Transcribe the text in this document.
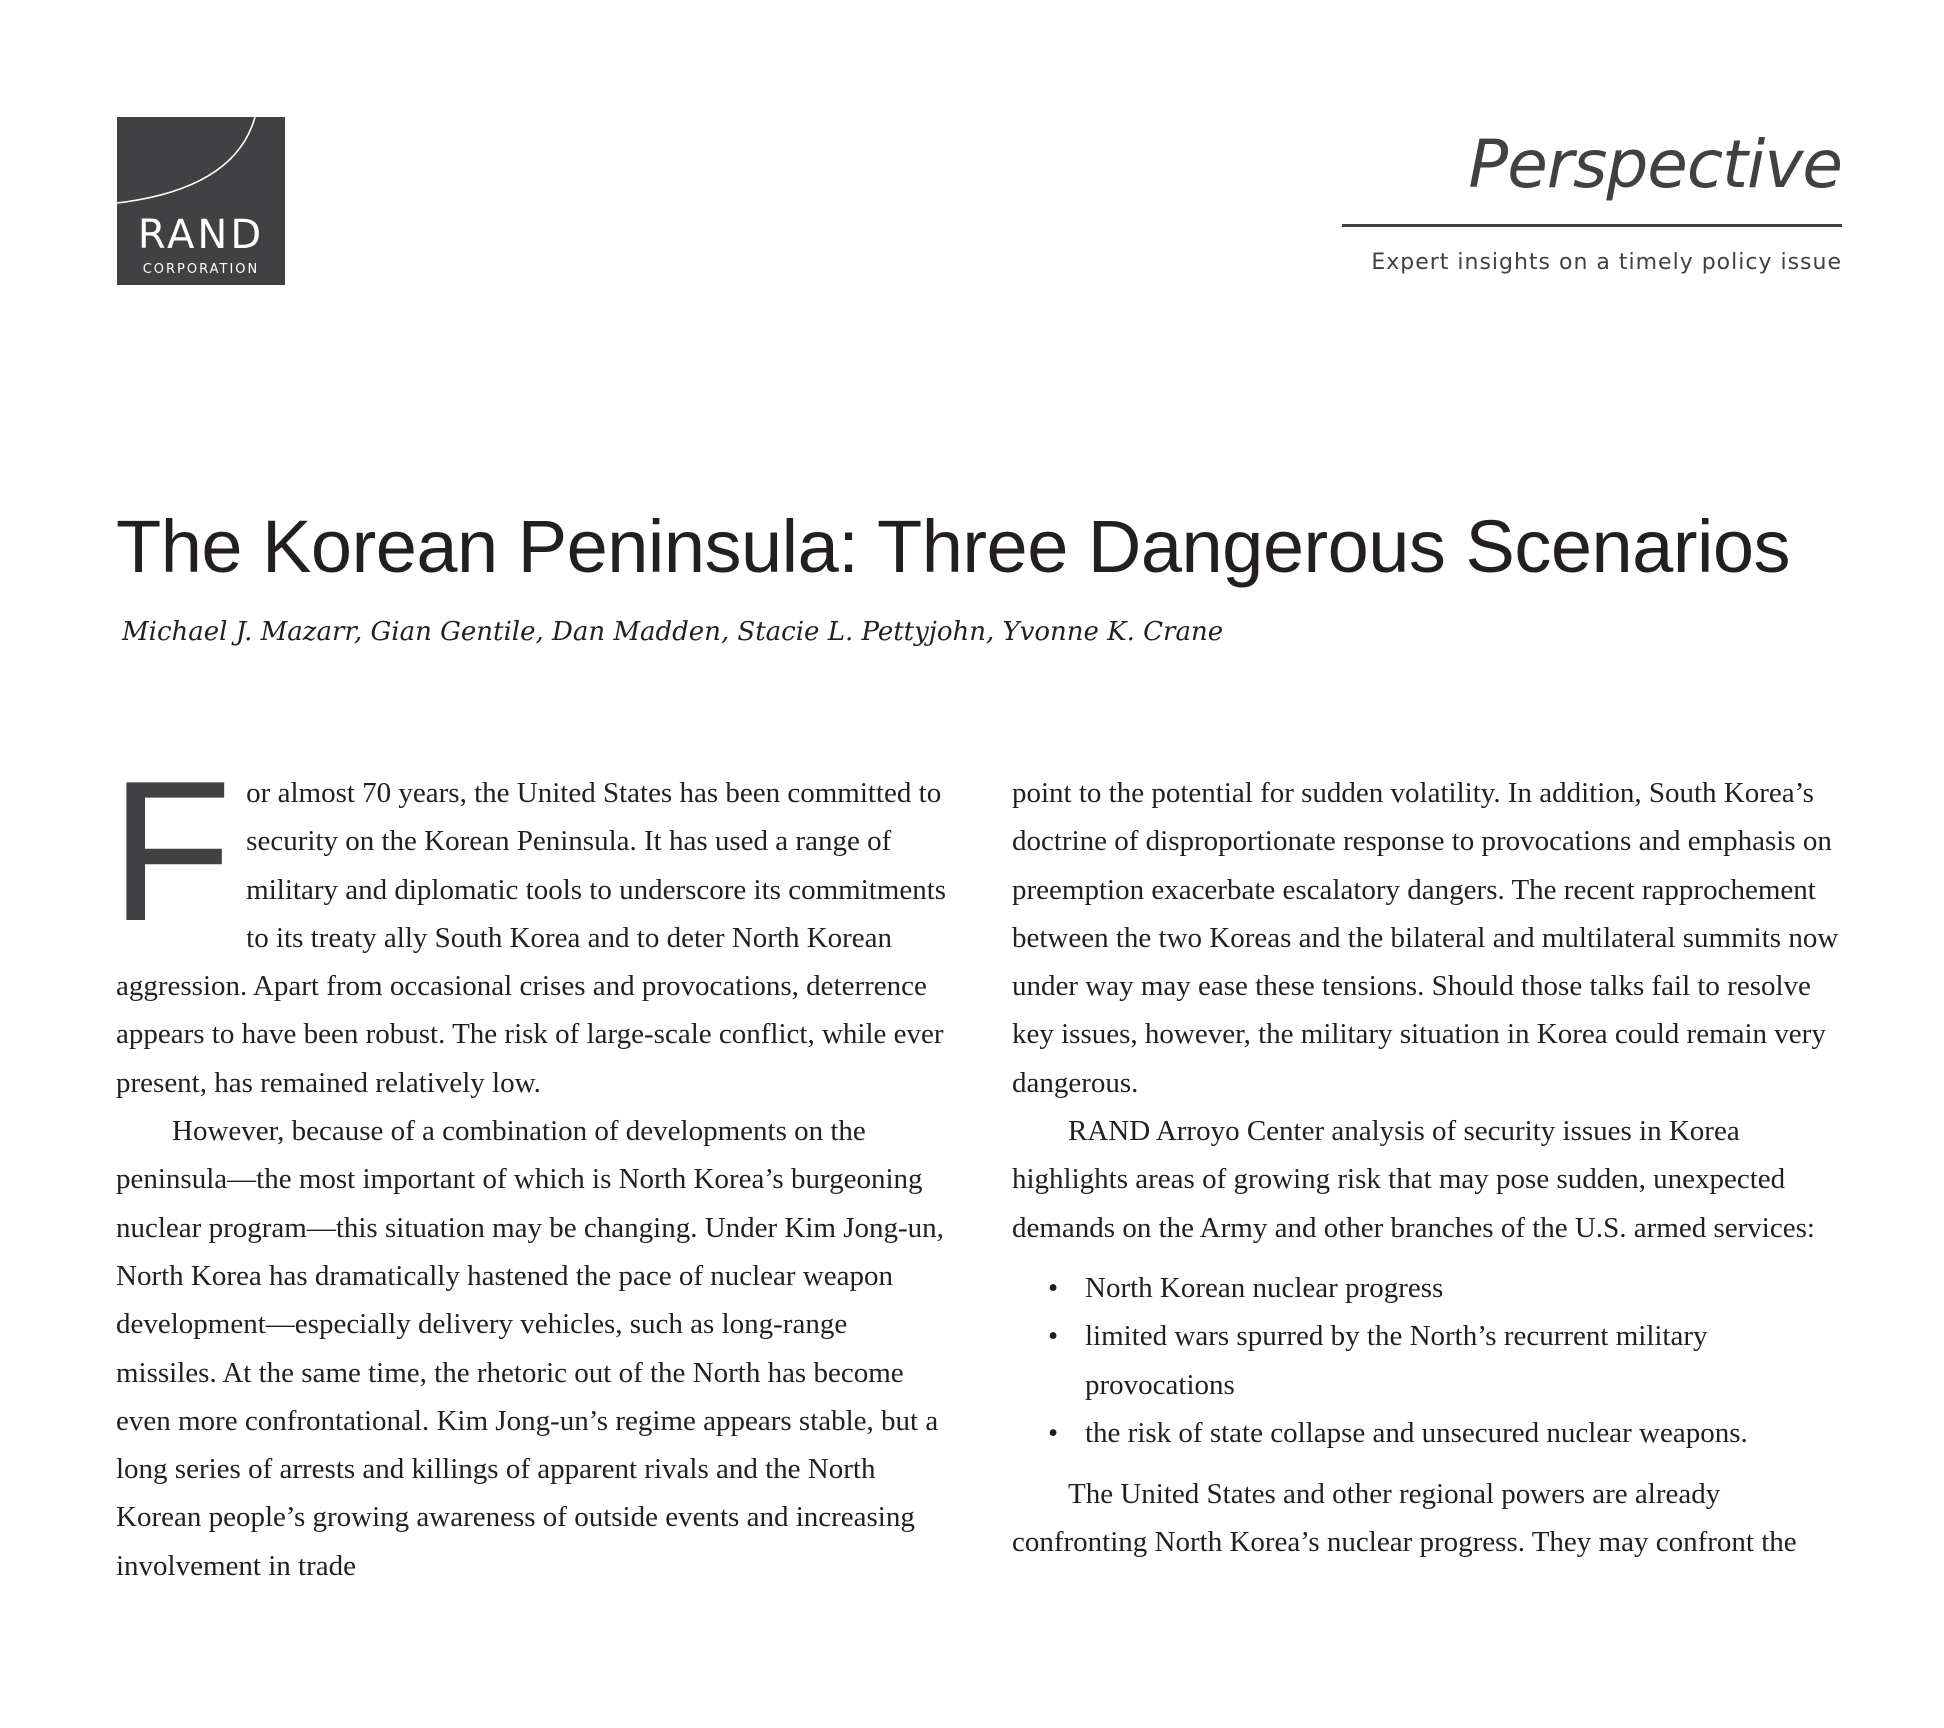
RAND
CORPORATION
Perspective
Expert insights on a timely policy issue
The Korean Peninsula: Three Dangerous Scenarios
Michael J. Mazarr, Gian Gentile, Dan Madden, Stacie L. Pettyjohn, Yvonne K. Crane

For almost 70 years, the United States has been committed to security on the Korean Peninsula. It has used a range of military and diplomatic tools to underscore its commitments to its treaty ally South Korea and to deter North Korean aggression. Apart from occasional crises and provocations, deterrence appears to have been robust. The risk of large-scale conflict, while ever present, has remained relatively low.

However, because of a combination of developments on the peninsula—the most important of which is North Korea’s burgeoning nuclear program—this situation may be changing. Under Kim Jong-un, North Korea has dramatically hastened the pace of nuclear weapon development—especially delivery vehicles, such as long-range missiles. At the same time, the rhetoric out of the North has become even more confrontational. Kim Jong-un’s regime appears stable, but a long series of arrests and killings of apparent rivals and the North Korean people’s growing awareness of outside events and increasing involvement in trade

point to the potential for sudden volatility. In addition, South Korea’s doctrine of disproportionate response to provocations and emphasis on preemption exacerbate escalatory dangers. The recent rapprochement between the two Koreas and the bilateral and multilateral summits now under way may ease these tensions. Should those talks fail to resolve key issues, however, the military situation in Korea could remain very dangerous.

RAND Arroyo Center analysis of security issues in Korea highlights areas of growing risk that may pose sudden, unexpected demands on the Army and other branches of the U.S. armed services:

• North Korean nuclear progress
• limited wars spurred by the North’s recurrent military provocations
• the risk of state collapse and unsecured nuclear weapons.

The United States and other regional powers are already confronting North Korea’s nuclear progress. They may confront the
